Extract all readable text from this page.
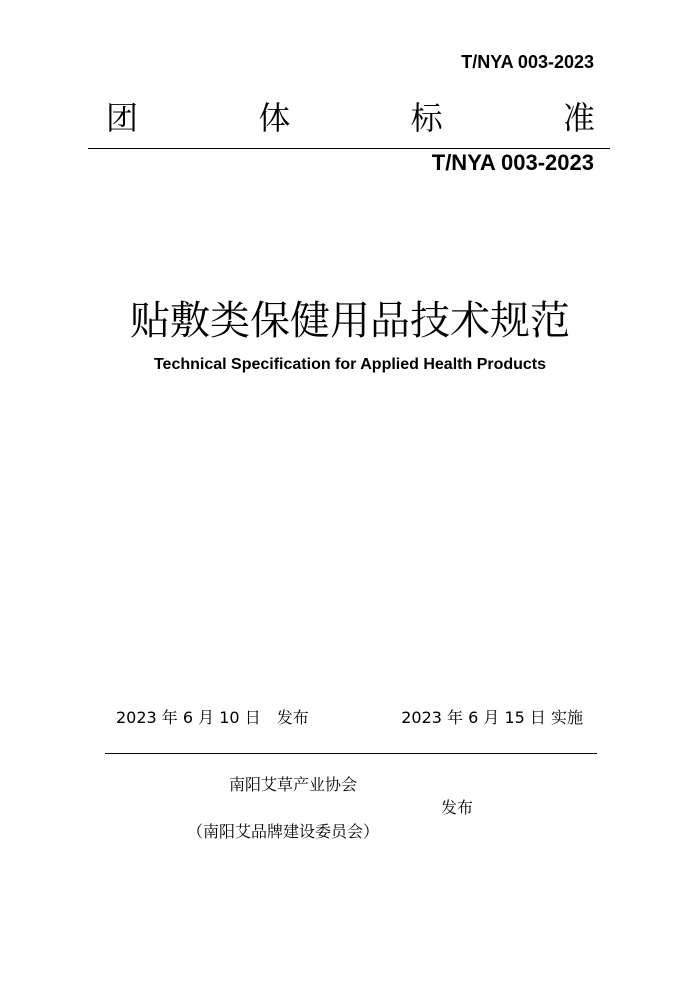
T/NYA 003-2023
团	体	标	准
T/NYA 003-2023
贴敷类保健用品技术规范
Technical Specification for Applied Health Products
2023 年 6 月 10 日　发布	2023 年 6 月 15 日 实施
南阳艾草产业协会
发布
（南阳艾品牌建设委员会）
